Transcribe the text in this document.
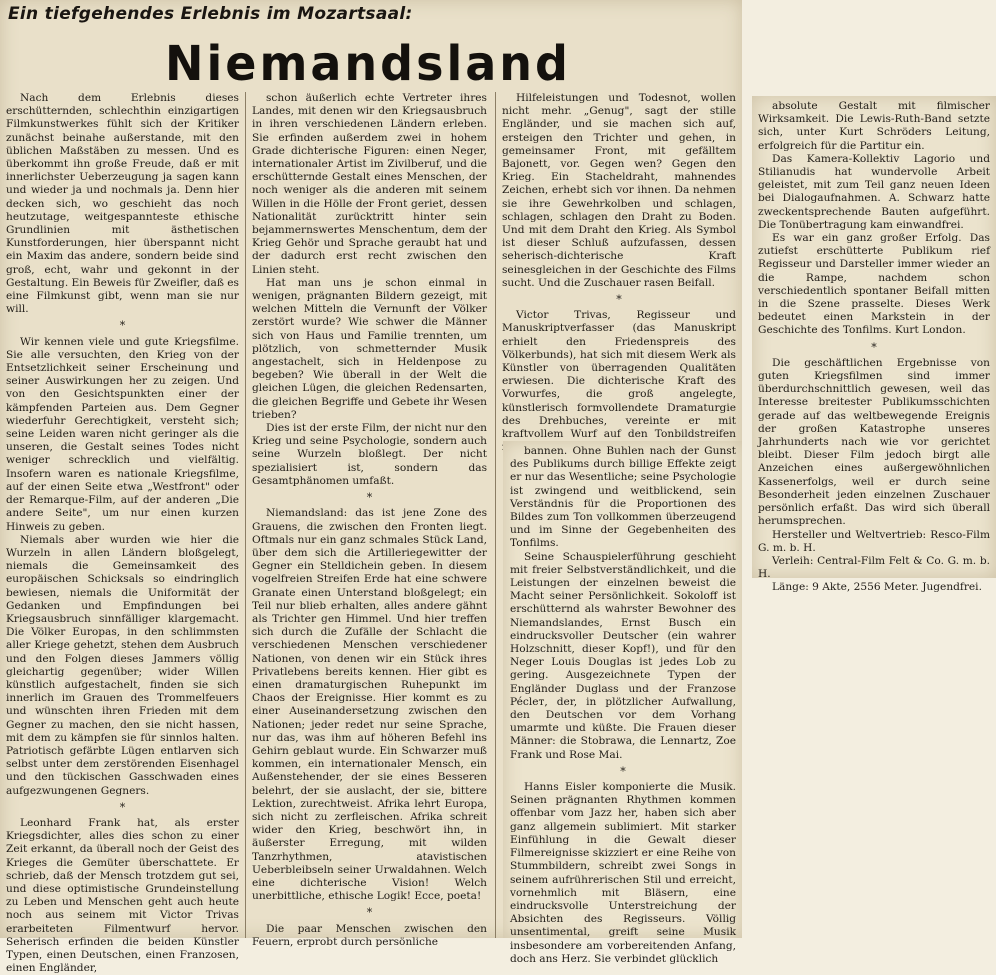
Ein tiefgehendes Erlebnis im Mozartsaal:
Niemandsland

Nach dem Erlebnis dieses erschütternden, schlechthin einzigartigen Filmkunstwerkes fühlt sich der Kritiker zunächst beinahe außerstande, mit den üblichen Maßstäben zu messen. Und es überkommt ihn große Freude, daß er mit innerlichster Ueberzeugung ja sagen kann und wieder ja und nochmals ja. Denn hier decken sich, wo geschieht das noch heutzutage, weitgespannteste ethische Grundlinien mit ästhetischen Kunstforderungen, hier überspannt nicht ein Maxim das andere, sondern beide sind groß, echt, wahr und gekonnt in der Gestaltung. Ein Beweis für Zweifler, daß es eine Filmkunst gibt, wenn man sie nur will.

*

Wir kennen viele und gute Kriegsfilme. Sie alle versuchten, den Krieg von der Entsetzlichkeit seiner Erscheinung und seiner Auswirkungen her zu zeigen. Und von den Gesichtspunkten einer der kämpfenden Parteien aus. Dem Gegner wiederfuhr Gerechtigkeit, versteht sich; seine Leiden waren nicht geringer als die unseren, die Gestalt seines Todes nicht weniger schrecklich und vielfältig. Insofern waren es nationale Kriegsfilme, auf der einen Seite etwa „Westfront" oder der Remarque-Film, auf der anderen „Die andere Seite", um nur einen kurzen Hinweis zu geben.

Niemals aber wurden wie hier die Wurzeln in allen Ländern bloßgelegt, niemals die Gemeinsamkeit des europäischen Schicksals so eindringlich bewiesen, niemals die Uniformität der Gedanken und Empfindungen bei Kriegsausbruch sinnfälliger klargemacht. Die Völker Europas, in den schlimmsten aller Kriege gehetzt, stehen dem Ausbruch und den Folgen dieses Jammers völlig gleichartig gegenüber; wider Willen künstlich aufgestachelt, finden sie sich innerlich im Grauen des Trommelfeuers und wünschten ihren Frieden mit dem Gegner zu machen, den sie nicht hassen, mit dem zu kämpfen sie für sinnlos halten. Patriotisch gefärbte Lügen entlarven sich selbst unter dem zerstörenden Eisenhagel und den tückischen Gasschwaden eines aufgezwungenen Gegners.

*

Leonhard Frank hat, als erster Kriegsdichter, alles dies schon zu einer Zeit erkannt, da überall noch der Geist des Krieges die Gemüter überschattete. Er schrieb, daß der Mensch trotzdem gut sei, und diese optimistische Grundeinstellung zu Leben und Menschen geht auch heute noch aus seinem mit Victor Trivas erarbeiteten Filmentwurf hervor. Seherisch erfinden die beiden Künstler Typen, einen Deutschen, einen Franzosen, einen Engländer,

schon äußerlich echte Vertreter ihres Landes, mit denen wir den Kriegsausbruch in ihren verschiedenen Ländern erleben. Sie erfinden außerdem zwei in hohem Grade dichterische Figuren: einen Neger, internationaler Artist im Zivilberuf, und die erschütternde Gestalt eines Menschen, der noch weniger als die anderen mit seinem Willen in die Hölle der Front geriet, dessen Nationalität zurücktritt hinter sein bejammernswertes Menschentum, dem der Krieg Gehör und Sprache geraubt hat und der dadurch erst recht zwischen den Linien steht.

Hat man uns je schon einmal in wenigen, prägnanten Bildern gezeigt, mit welchen Mitteln die Vernunft der Völker zerstört wurde? Wie schwer die Männer sich von Haus und Familie trennten, um plötzlich, von schmetternder Musik angestachelt, sich in Heldenpose zu begeben? Wie überall in der Welt die gleichen Lügen, die gleichen Redensarten, die gleichen Begriffe und Gebete ihr Wesen trieben?

Dies ist der erste Film, der nicht nur den Krieg und seine Psychologie, sondern auch seine Wurzeln bloßlegt. Der nicht spezialisiert ist, sondern das Gesamtphänomen umfaßt.

*

Niemandsland: das ist jene Zone des Grauens, die zwischen den Fronten liegt. Oftmals nur ein ganz schmales Stück Land, über dem sich die Artilleriegewitter der Gegner ein Stelldichein geben. In diesem vogelfreien Streifen Erde hat eine schwere Granate einen Unterstand bloßgelegt; ein Teil nur blieb erhalten, alles andere gähnt als Trichter gen Himmel. Und hier treffen sich durch die Zufälle der Schlacht die verschiedenen Menschen verschiedener Nationen, von denen wir ein Stück ihres Privatlebens bereits kennen. Hier gibt es einen dramaturgischen Ruhepunkt im Chaos der Ereignisse. Hier kommt es zu einer Auseinandersetzung zwischen den Nationen; jeder redet nur seine Sprache, nur das, was ihm auf höheren Befehl ins Gehirn geblaut wurde. Ein Schwarzer muß kommen, ein internationaler Mensch, ein Außenstehender, der sie eines Besseren belehrt, der sie auslacht, der sie, bittere Lektion, zurechtweist. Afrika lehrt Europa, sich nicht zu zerfleischen. Afrika schreit wider den Krieg, beschwört ihn, in äußerster Erregung, mit wilden Tanzrhythmen, atavistischen Ueberbleibseln seiner Urwaldahnen. Welch eine dichterische Vision! Welch unerbittliche, ethische Logik! Ecce, poeta!

*

Die paar Menschen zwischen den Feuern, erprobt durch persönliche

Hilfeleistungen und Todesnot, wollen nicht mehr. „Genug", sagt der stille Engländer, und sie machen sich auf, ersteigen den Trichter und gehen, in gemeinsamer Front, mit gefälltem Bajonett, vor. Gegen wen? Gegen den Krieg. Ein Stacheldraht, mahnendes Zeichen, erhebt sich vor ihnen. Da nehmen sie ihre Gewehrkolben und schlagen, schlagen, schlagen den Draht zu Boden. Und mit dem Draht den Krieg. Als Symbol ist dieser Schluß aufzufassen, dessen seherisch-dichterische Kraft seinesgleichen in der Geschichte des Films sucht. Und die Zuschauer rasen Beifall.

*

Victor Trivas, Regisseur und Manuskriptverfasser (das Manuskript erhielt den Friedenspreis des Völkerbunds), hat sich mit diesem Werk als Künstler von überragenden Qualitäten erwiesen. Die dichterische Kraft des Vorwurfes, die groß angelegte, künstlerisch formvollendete Dramaturgie des Drehbuches, vereinte er mit kraftvollem Wurf auf den Tonbildstreifen

bannen. Ohne Buhlen nach der Gunst des Publikums durch billige Effekte zeigt er nur das Wesentliche; seine Psychologie ist zwingend und weitblickend, sein Verständnis für die Proportionen des Bildes zum Ton vollkommen überzeugend und im Sinne der Gegebenheiten des Tonfilms.

Seine Schauspielerführung geschieht mit freier Selbstverständlichkeit, und die Leistungen der einzelnen beweist die Macht seiner Persönlichkeit. Sokoloff ist erschütternd als wahrster Bewohner des Niemandslandes, Ernst Busch ein eindrucksvoller Deutscher (ein wahrer Holzschnitt, dieser Kopf!), und für den Neger Louis Douglas ist jedes Lob zu gering. Ausgezeichnete Typen der Engländer Duglass und der Franzose Pécleт, der, in plötzlicher Aufwallung, den Deutschen vor dem Vorhang umarmte und küßte. Die Frauen dieser Männer: die Stobrawa, die Lennartz, Zoe Frank und Rose Mai.

*

Hanns Eisler komponierte die Musik. Seinen prägnanten Rhythmen kommen offenbar vom Jazz her, haben sich aber ganz allgemein sublimiert. Mit starker Einfühlung in die Gewalt dieser Filmereignisse skizziert er eine Reihe von Stummbildern, schreibt zwei Songs in seinem aufrührerischen Stil und erreicht, vornehmlich mit Bläsern, eine eindrucksvolle Unterstreichung der Absichten des Regisseurs. Völlig unsentimental, greift seine Musik insbesondere am vorbereitenden Anfang, doch ans Herz. Sie verbindet glücklich

absolute Gestalt mit filmischer Wirksamkeit. Die Lewis-Ruth-Band setzte sich, unter Kurt Schröders Leitung, erfolgreich für die Partitur ein.

Das Kamera-Kollektiv Lagorio und Stilianudis hat wundervolle Arbeit geleistet, mit zum Teil ganz neuen Ideen bei Dialogaufnahmen. A. Schwarz hatte zweckentsprechende Bauten aufgeführt. Die Tonübertragung kam einwandfrei.

Es war ein ganz großer Erfolg. Das zutiefst erschütterte Publikum rief Regisseur und Darsteller immer wieder an die Rampe, nachdem schon verschiedentlich spontaner Beifall mitten in die Szene prasselte. Dieses Werk bedeutet einen Markstein in der Geschichte des Tonfilms. Kurt London.

*

Die geschäftlichen Ergebnisse von guten Kriegsfilmen sind immer überdurchschnittlich gewesen, weil das Interesse breitester Publikumsschichten gerade auf das weltbewegende Ereignis der großen Katastrophe unseres Jahrhunderts nach wie vor gerichtet bleibt. Dieser Film jedoch birgt alle Anzeichen eines außergewöhnlichen Kassenerfolgs, weil er durch seine Besonderheit jeden einzelnen Zuschauer persönlich erfaßt. Das wird sich überall herumsprechen.

Hersteller und Weltvertrieb: Resco-Film G. m. b. H.

Verleih: Central-Film Felt & Co. G. m. b. H.

Länge: 9 Akte, 2556 Meter. Jugendfrei.
